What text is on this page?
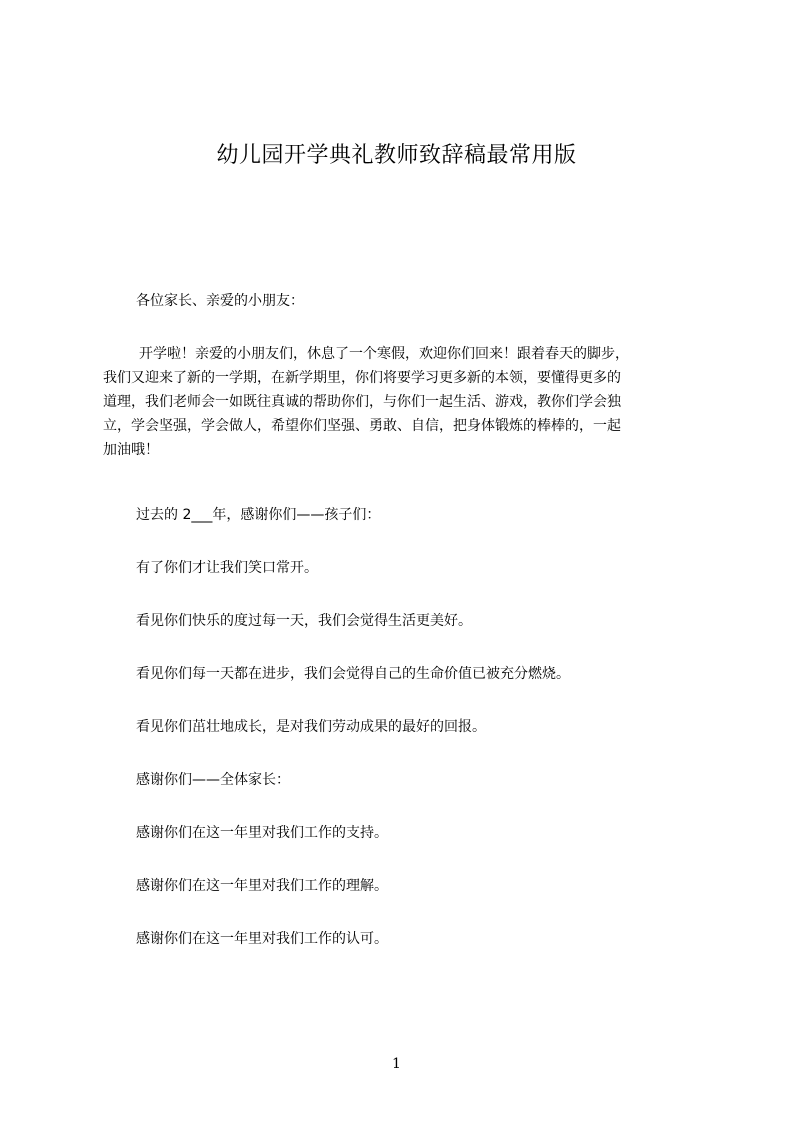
幼儿园开学典礼教师致辞稿最常用版

各位家长、亲爱的小朋友：

开学啦！亲爱的小朋友们，休息了一个寒假，欢迎你们回来！跟着春天的脚步，
我们又迎来了新的一学期，在新学期里，你们将要学习更多新的本领，要懂得更多的
道理，我们老师会一如既往真诚的帮助你们，与你们一起生活、游戏，教你们学会独
立，学会坚强，学会做人，希望你们坚强、勇敢、自信，把身体锻炼的棒棒的，一起
加油哦！

过去的 2___年，感谢你们——孩子们：

有了你们才让我们笑口常开。

看见你们快乐的度过每一天，我们会觉得生活更美好。

看见你们每一天都在进步，我们会觉得自己的生命价值已被充分燃烧。

看见你们茁壮地成长，是对我们劳动成果的最好的回报。

感谢你们——全体家长：

感谢你们在这一年里对我们工作的支持。

感谢你们在这一年里对我们工作的理解。

感谢你们在这一年里对我们工作的认可。

1
